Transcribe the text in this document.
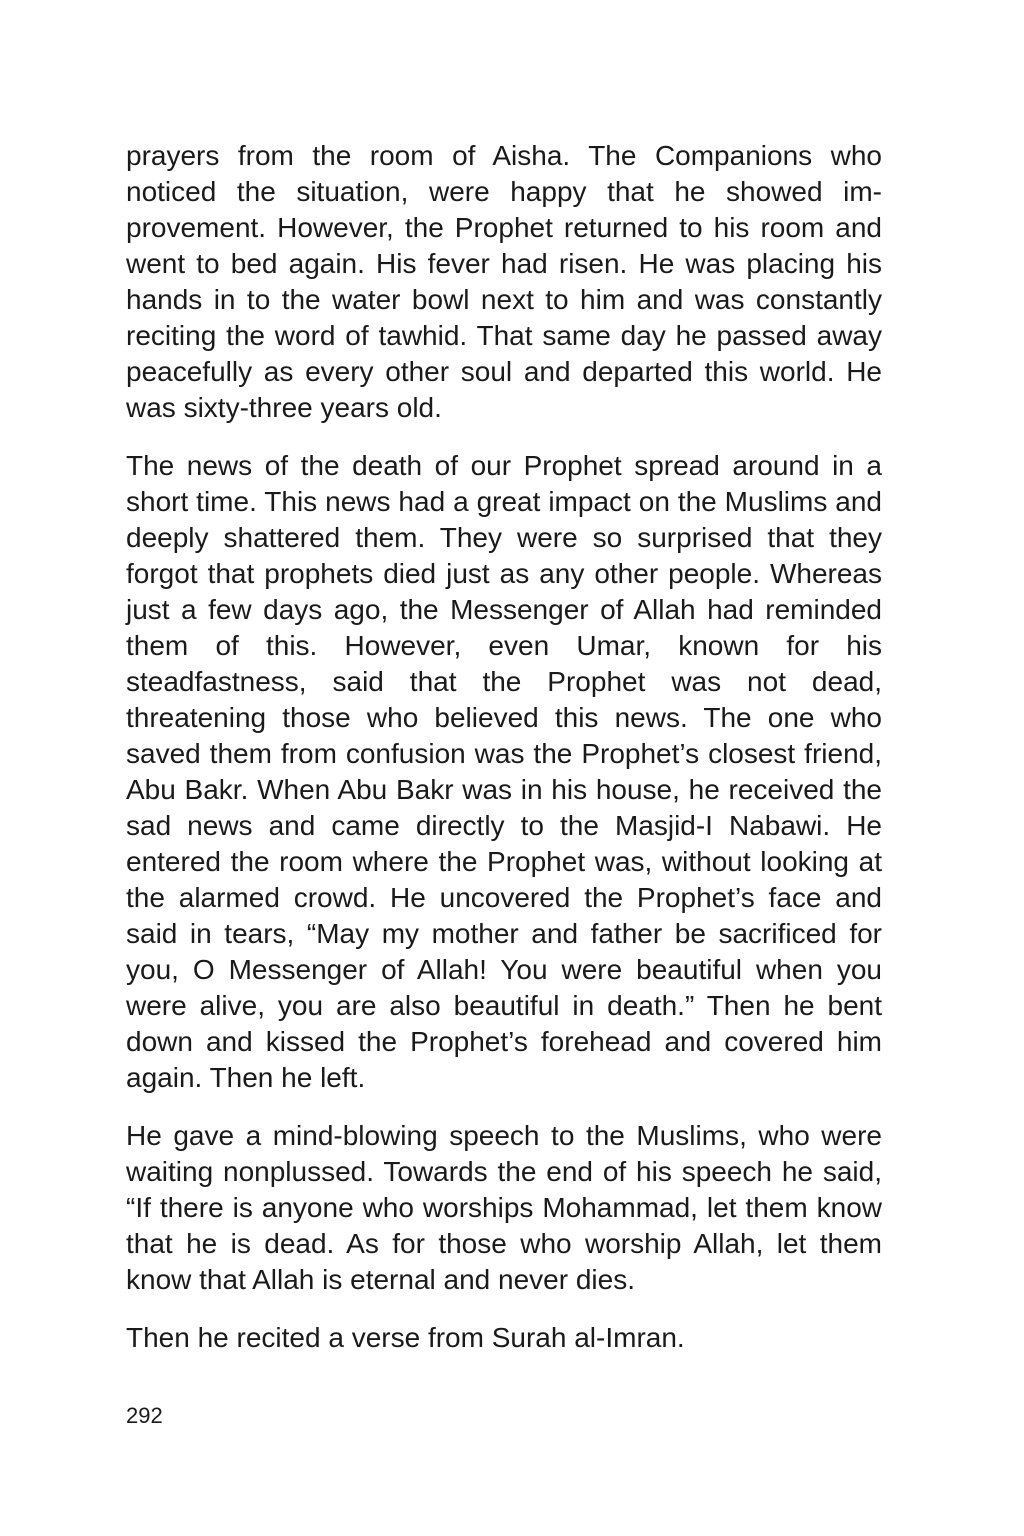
prayers from the room of Aisha. The Companions who noticed the situation, were happy that he showed improvement. However, the Prophet returned to his room and went to bed again. His fever had risen. He was placing his hands in to the water bowl next to him and was constantly reciting the word of tawhid. That same day he passed away peacefully as every other soul and departed this world. He was sixty-three years old.

The news of the death of our Prophet spread around in a short time. This news had a great impact on the Muslims and deeply shattered them. They were so surprised that they forgot that prophets died just as any other people. Whereas just a few days ago, the Messenger of Allah had reminded them of this. However, even Umar, known for his steadfastness, said that the Prophet was not dead, threatening those who believed this news. The one who saved them from confusion was the Prophet’s closest friend, Abu Bakr. When Abu Bakr was in his house, he received the sad news and came directly to the Masjid-I Nabawi. He entered the room where the Prophet was, without looking at the alarmed crowd. He uncovered the Prophet’s face and said in tears, “May my mother and father be sacrificed for you, O Messenger of Allah! You were beautiful when you were alive, you are also beautiful in death.” Then he bent down and kissed the Prophet’s forehead and covered him again. Then he left.

He gave a mind-blowing speech to the Muslims, who were waiting nonplussed. Towards the end of his speech he said, “If there is anyone who worships Mohammad, let them know that he is dead. As for those who worship Allah, let them know that Allah is eternal and never dies.

Then he recited a verse from Surah al-Imran.

292
